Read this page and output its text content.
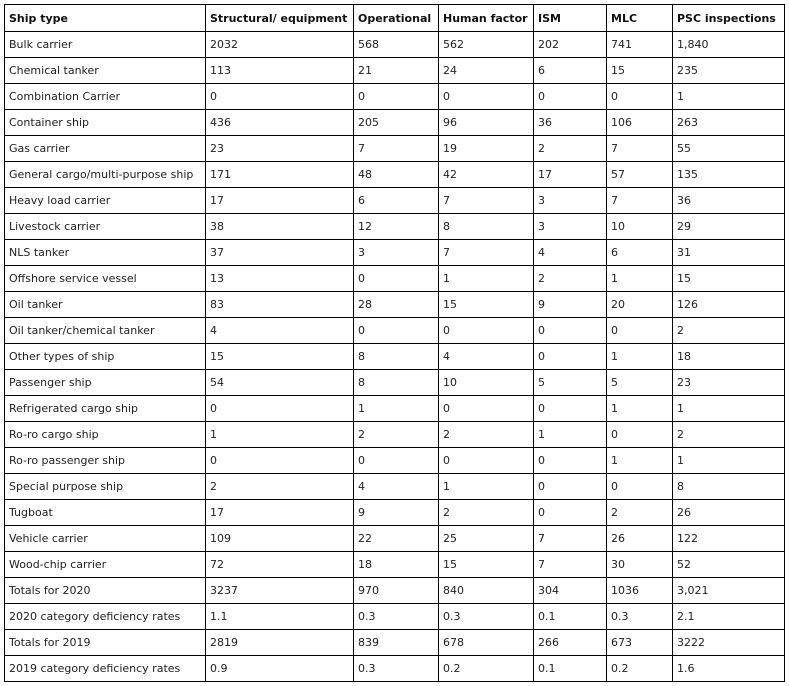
Ship type	Structural/ equipment	Operational	Human factor	ISM	MLC	PSC inspections
Bulk carrier	2032	568	562	202	741	1,840
Chemical tanker	113	21	24	6	15	235
Combination Carrier	0	0	0	0	0	1
Container ship	436	205	96	36	106	263
Gas carrier	23	7	19	2	7	55
General cargo/multi-purpose ship	171	48	42	17	57	135
Heavy load carrier	17	6	7	3	7	36
Livestock carrier	38	12	8	3	10	29
NLS tanker	37	3	7	4	6	31
Offshore service vessel	13	0	1	2	1	15
Oil tanker	83	28	15	9	20	126
Oil tanker/chemical tanker	4	0	0	0	0	2
Other types of ship	15	8	4	0	1	18
Passenger ship	54	8	10	5	5	23
Refrigerated cargo ship	0	1	0	0	1	1
Ro-ro cargo ship	1	2	2	1	0	2
Ro-ro passenger ship	0	0	0	0	1	1
Special purpose ship	2	4	1	0	0	8
Tugboat	17	9	2	0	2	26
Vehicle carrier	109	22	25	7	26	122
Wood-chip carrier	72	18	15	7	30	52
Totals for 2020	3237	970	840	304	1036	3,021
2020 category deficiency rates	1.1	0.3	0.3	0.1	0.3	2.1
Totals for 2019	2819	839	678	266	673	3222
2019 category deficiency rates	0.9	0.3	0.2	0.1	0.2	1.6
